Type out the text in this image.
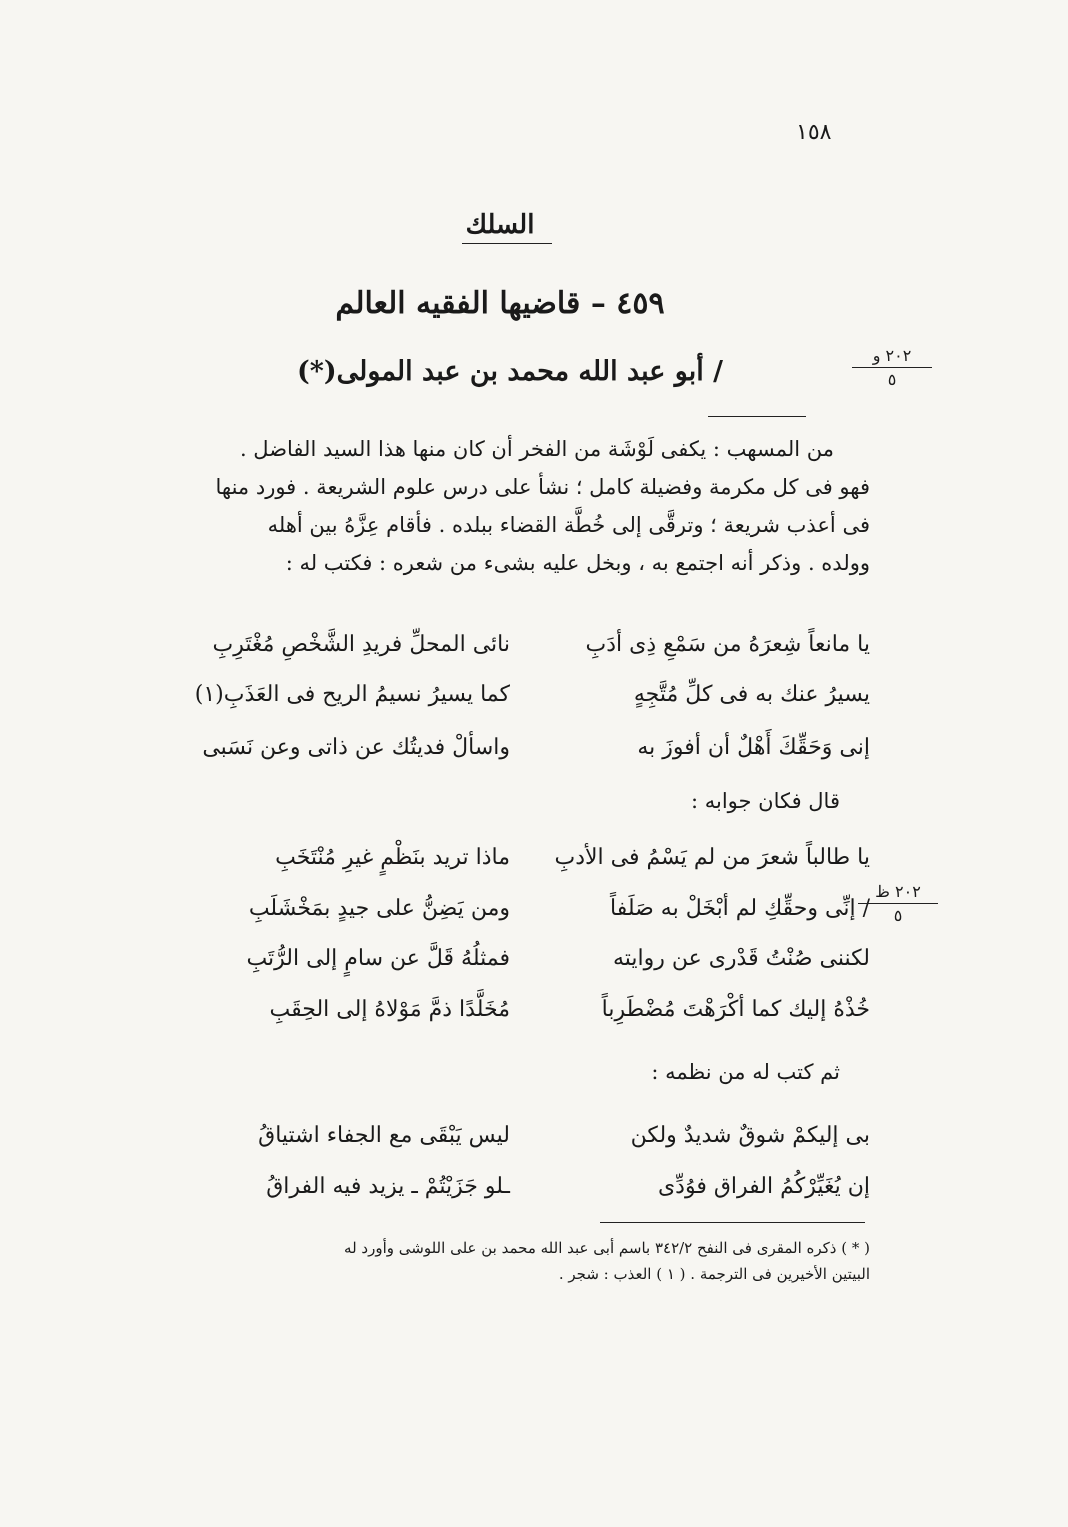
١٥٨
السلك
٤٥٩ – قاضيها الفقيه العالم
/ أبو عبد الله محمد بن عبد المولى(*)
٢٠٢ و
٥

من المسهب : يكفى لَوْشَة من الفخر أن كان منها هذا السيد الفاضل .

فهو فى كل مكرمة وفضيلة كامل ؛ نشأ على درس علوم الشريعة . فورد منها

فى أعذب شريعة ؛ وترقَّى إلى خُطَّة القضاء ببلده . فأقام عِزَّهُ بين أهله

وولده . وذكر أنه اجتمع به ، وبخل عليه بشىء من شعره : فكتب له :

يا مانعاً شِعرَهُ من سَمْعِ ذِى أدَبِ
نائى المحلِّ فريدِ الشَّخْصِ مُغْتَرِبِ
يسيرُ عنك به فى كلِّ مُتَّجِهٍ
كما يسيرُ نسيمُ الريح فى العَذَبِ(١)
إنى وَحَقِّكَ أَهْلٌ أن أفوزَ به
واسألْ فديتُك عن ذاتى وعن نَسَبى
قال فكان جوابه :
يا طالباً شعرَ من لم يَسْمُ فى الأدبِ
ماذا تريد بنَظْمٍ غيرِ مُنْتَخَبِ
/ إنِّى وحقِّكِ لم أبْخَلْ به صَلَفاً
ومن يَضِنُّ على جيدٍ بمَخْشَلَبِ
٢٠٢ ظ
٥
لكننى صُنْتُ قَدْرى عن روايته
فمثلُهُ قَلَّ عن سامٍ إلى الرُّتَبِ
خُذْهُ إليك كما أكْرَهْتَ مُضْطَرِباً
مُخَلَّدًا ذمَّ مَوْلاهُ إلى الحِقَبِ
ثم كتب له من نظمه :
بى إليكمْ شوقٌ شديدٌ ولكن
ليس يَبْقَى مع الجفاء اشتياقُ
إن يُغَيِّرْكُمُ الفراق فوُدِّى
ـلو جَزَيْتُمْ ـ يزيد فيه الفراقُ

( * ) ذكره المقرى فى النفح ٣٤٢/٢ باسم أبى عبد الله محمد بن على اللوشى وأورد له

البيتين الأخيرين فى الترجمة . ( ١ ) العذب : شجر .
